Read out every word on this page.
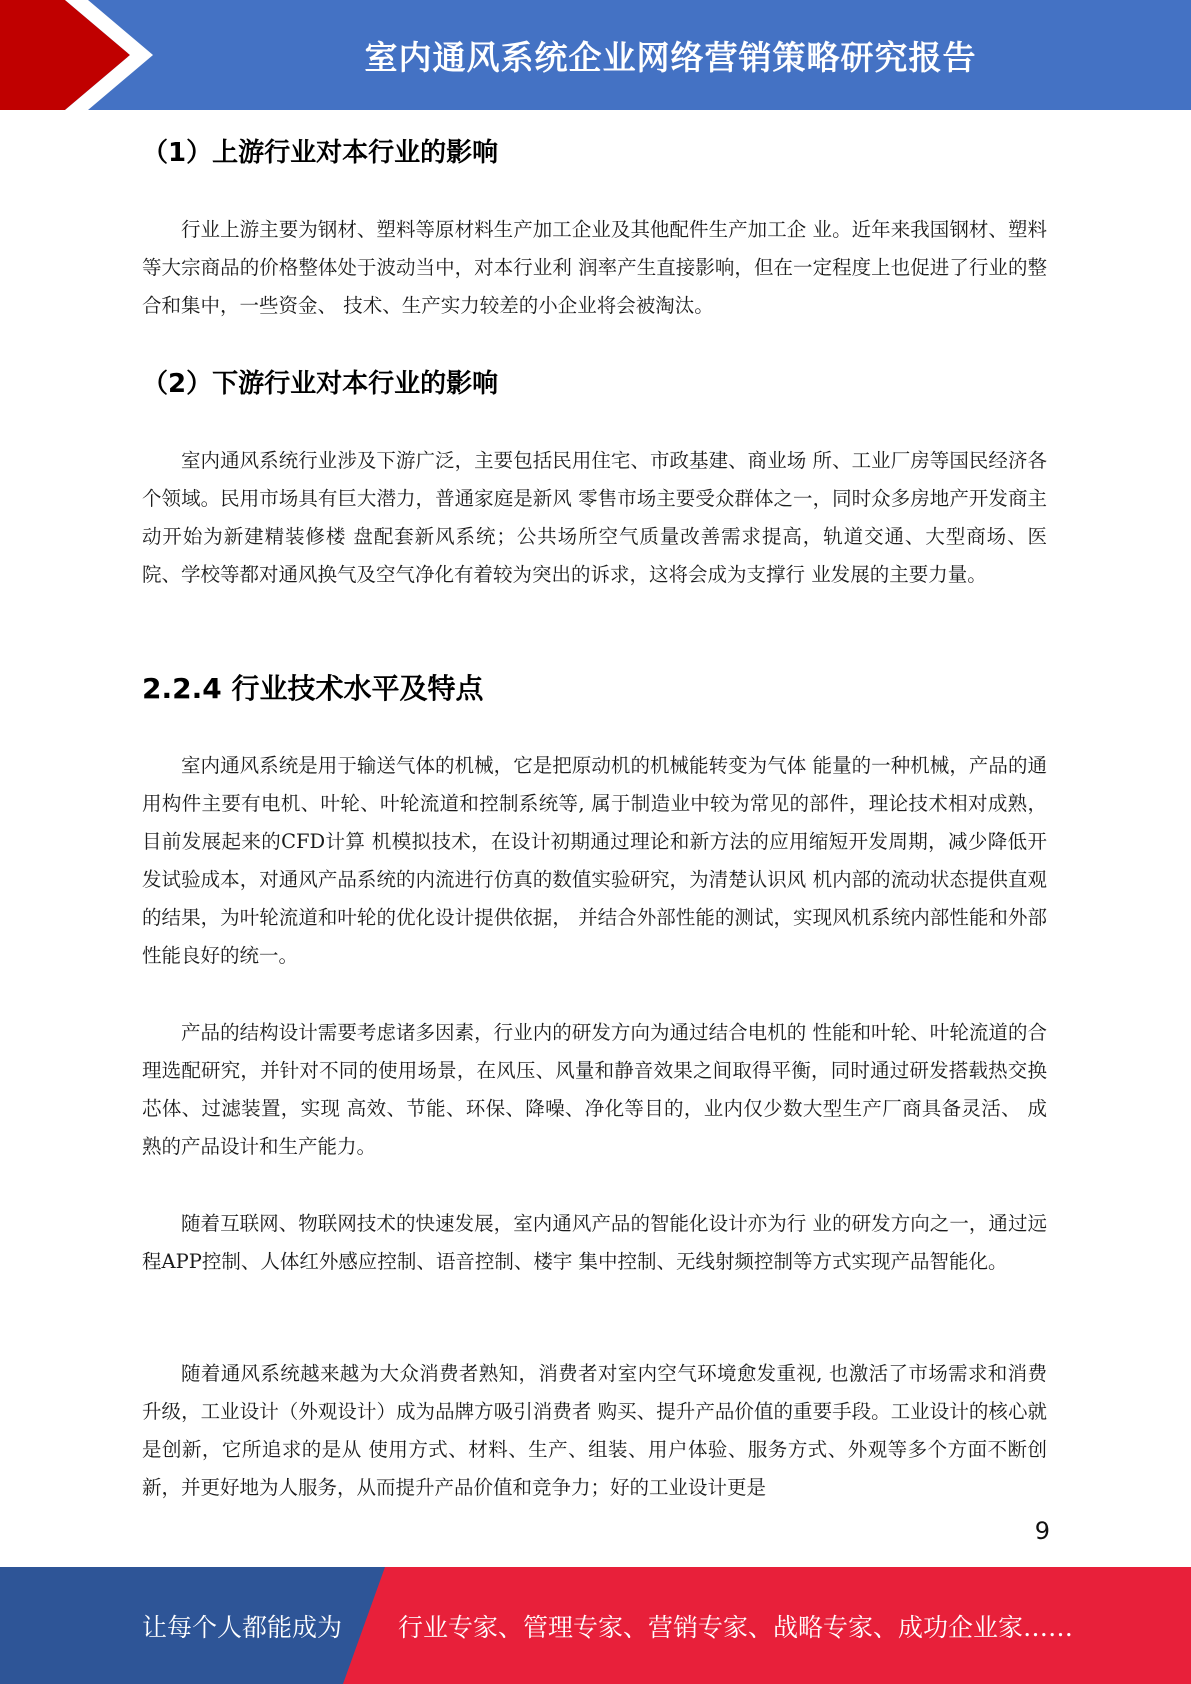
室内通风系统企业网络营销策略研究报告
（1）上游行业对本行业的影响

行业上游主要为钢材、塑料等原材料生产加工企业及其他配件生产加工企 业。近年来我国钢材、塑料等大宗商品的价格整体处于波动当中，对本行业利 润率产生直接影响，但在一定程度上也促进了行业的整合和集中，一些资金、 技术、生产实力较差的小企业将会被淘汰。

（2）下游行业对本行业的影响

室内通风系统行业涉及下游广泛，主要包括民用住宅、市政基建、商业场 所、工业厂房等国民经济各个领域。民用市场具有巨大潜力，普通家庭是新风 零售市场主要受众群体之一，同时众多房地产开发商主动开始为新建精装修楼 盘配套新风系统；公共场所空气质量改善需求提高，轨道交通、大型商场、医 院、学校等都对通风换气及空气净化有着较为突出的诉求，这将会成为支撑行 业发展的主要力量。

2.2.4 行业技术水平及特点

室内通风系统是用于输送气体的机械，它是把原动机的机械能转变为气体 能量的一种机械，产品的通用构件主要有电机、叶轮、叶轮流道和控制系统等, 属于制造业中较为常见的部件，理论技术相对成熟，目前发展起来的CFD计算 机模拟技术，在设计初期通过理论和新方法的应用缩短开发周期，减少降低开 发试验成本，对通风产品系统的内流进行仿真的数值实验研究，为清楚认识风 机内部的流动状态提供直观的结果，为叶轮流道和叶轮的优化设计提供依据， 并结合外部性能的测试，实现风机系统内部性能和外部性能良好的统一。

产品的结构设计需要考虑诸多因素，行业内的研发方向为通过结合电机的 性能和叶轮、叶轮流道的合理选配研究，并针对不同的使用场景，在风压、风量和静音效果之间取得平衡，同时通过研发搭载热交换芯体、过滤装置，实现 高效、节能、环保、降噪、净化等目的，业内仅少数大型生产厂商具备灵活、 成熟的产品设计和生产能力。

随着互联网、物联网技术的快速发展，室内通风产品的智能化设计亦为行 业的研发方向之一，通过远程APP控制、人体红外感应控制、语音控制、楼宇 集中控制、无线射频控制等方式实现产品智能化。

随着通风系统越来越为大众消费者熟知，消费者对室内空气环境愈发重视, 也激活了市场需求和消费升级，工业设计（外观设计）成为品牌方吸引消费者 购买、提升产品价值的重要手段。工业设计的核心就是创新，它所追求的是从 使用方式、材料、生产、组装、用户体验、服务方式、外观等多个方面不断创 新，并更好地为人服务，从而提升产品价值和竞争力；好的工业设计更是

9
让每个人都能成为 行业专家、管理专家、营销专家、战略专家、成功企业家……
